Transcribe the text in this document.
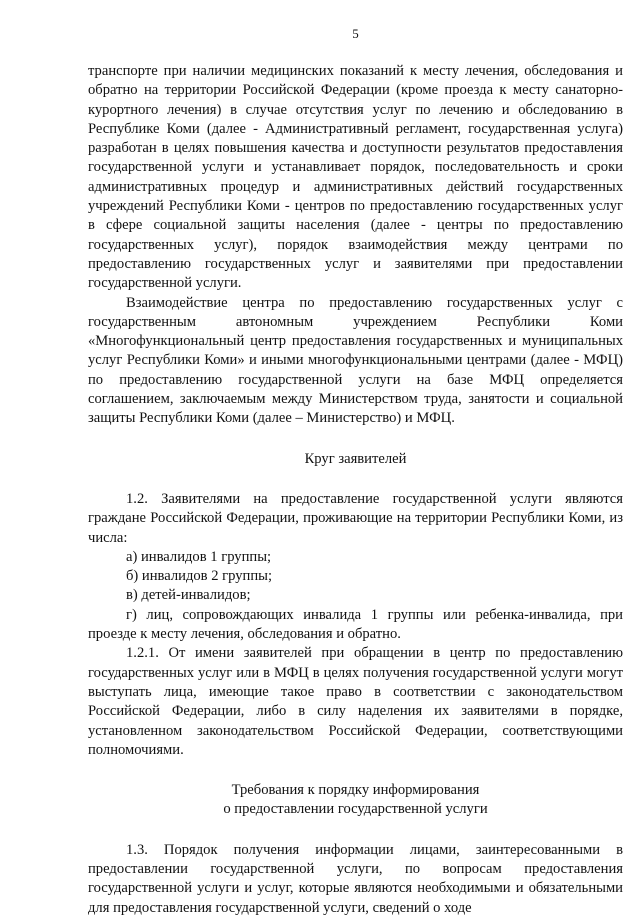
5

транспорте при наличии медицинских показаний к месту лечения, обследования и обратно на территории Российской Федерации (кроме проезда к месту санаторно-курортного лечения) в случае отсутствия услуг по лечению и обследованию в Республике Коми (далее - Административный регламент, государственная услуга) разработан в целях повышения качества и доступности результатов предоставления государственной услуги и устанавливает порядок, последовательность и сроки административных процедур и административных действий государственных учреждений Республики Коми - центров по предоставлению государственных услуг в сфере социальной защиты населения (далее - центры по предоставлению государственных услуг), порядок взаимодействия между центрами по предоставлению государственных услуг и заявителями при предоставлении государственной услуги.

Взаимодействие центра по предоставлению государственных услуг с государственным автономным учреждением Республики Коми «Многофункциональный центр предоставления государственных и муниципальных услуг Республики Коми» и иными многофункциональными центрами (далее - МФЦ) по предоставлению государственной услуги на базе МФЦ определяется соглашением, заключаемым между Министерством труда, занятости и социальной защиты Республики Коми (далее – Министерство) и МФЦ.

Круг заявителей

1.2. Заявителями на предоставление государственной услуги являются граждане Российской Федерации, проживающие на территории Республики Коми, из числа:

а) инвалидов 1 группы;

б) инвалидов 2 группы;

в) детей-инвалидов;

г) лиц, сопровождающих инвалида 1 группы или ребенка-инвалида, при проезде к месту лечения, обследования и обратно.

1.2.1. От имени заявителей при обращении в центр по предоставлению государственных услуг или в МФЦ в целях получения государственной услуги могут выступать лица, имеющие такое право в соответствии с законодательством Российской Федерации, либо в силу наделения их заявителями в порядке, установленном законодательством Российской Федерации, соответствующими полномочиями.

Требования к порядку информирования

о предоставлении государственной услуги

1.3. Порядок получения информации лицами, заинтересованными в предоставлении государственной услуги, по вопросам предоставления государственной услуги и услуг, которые являются необходимыми и обязательными для предоставления государственной услуги, сведений о ходе
